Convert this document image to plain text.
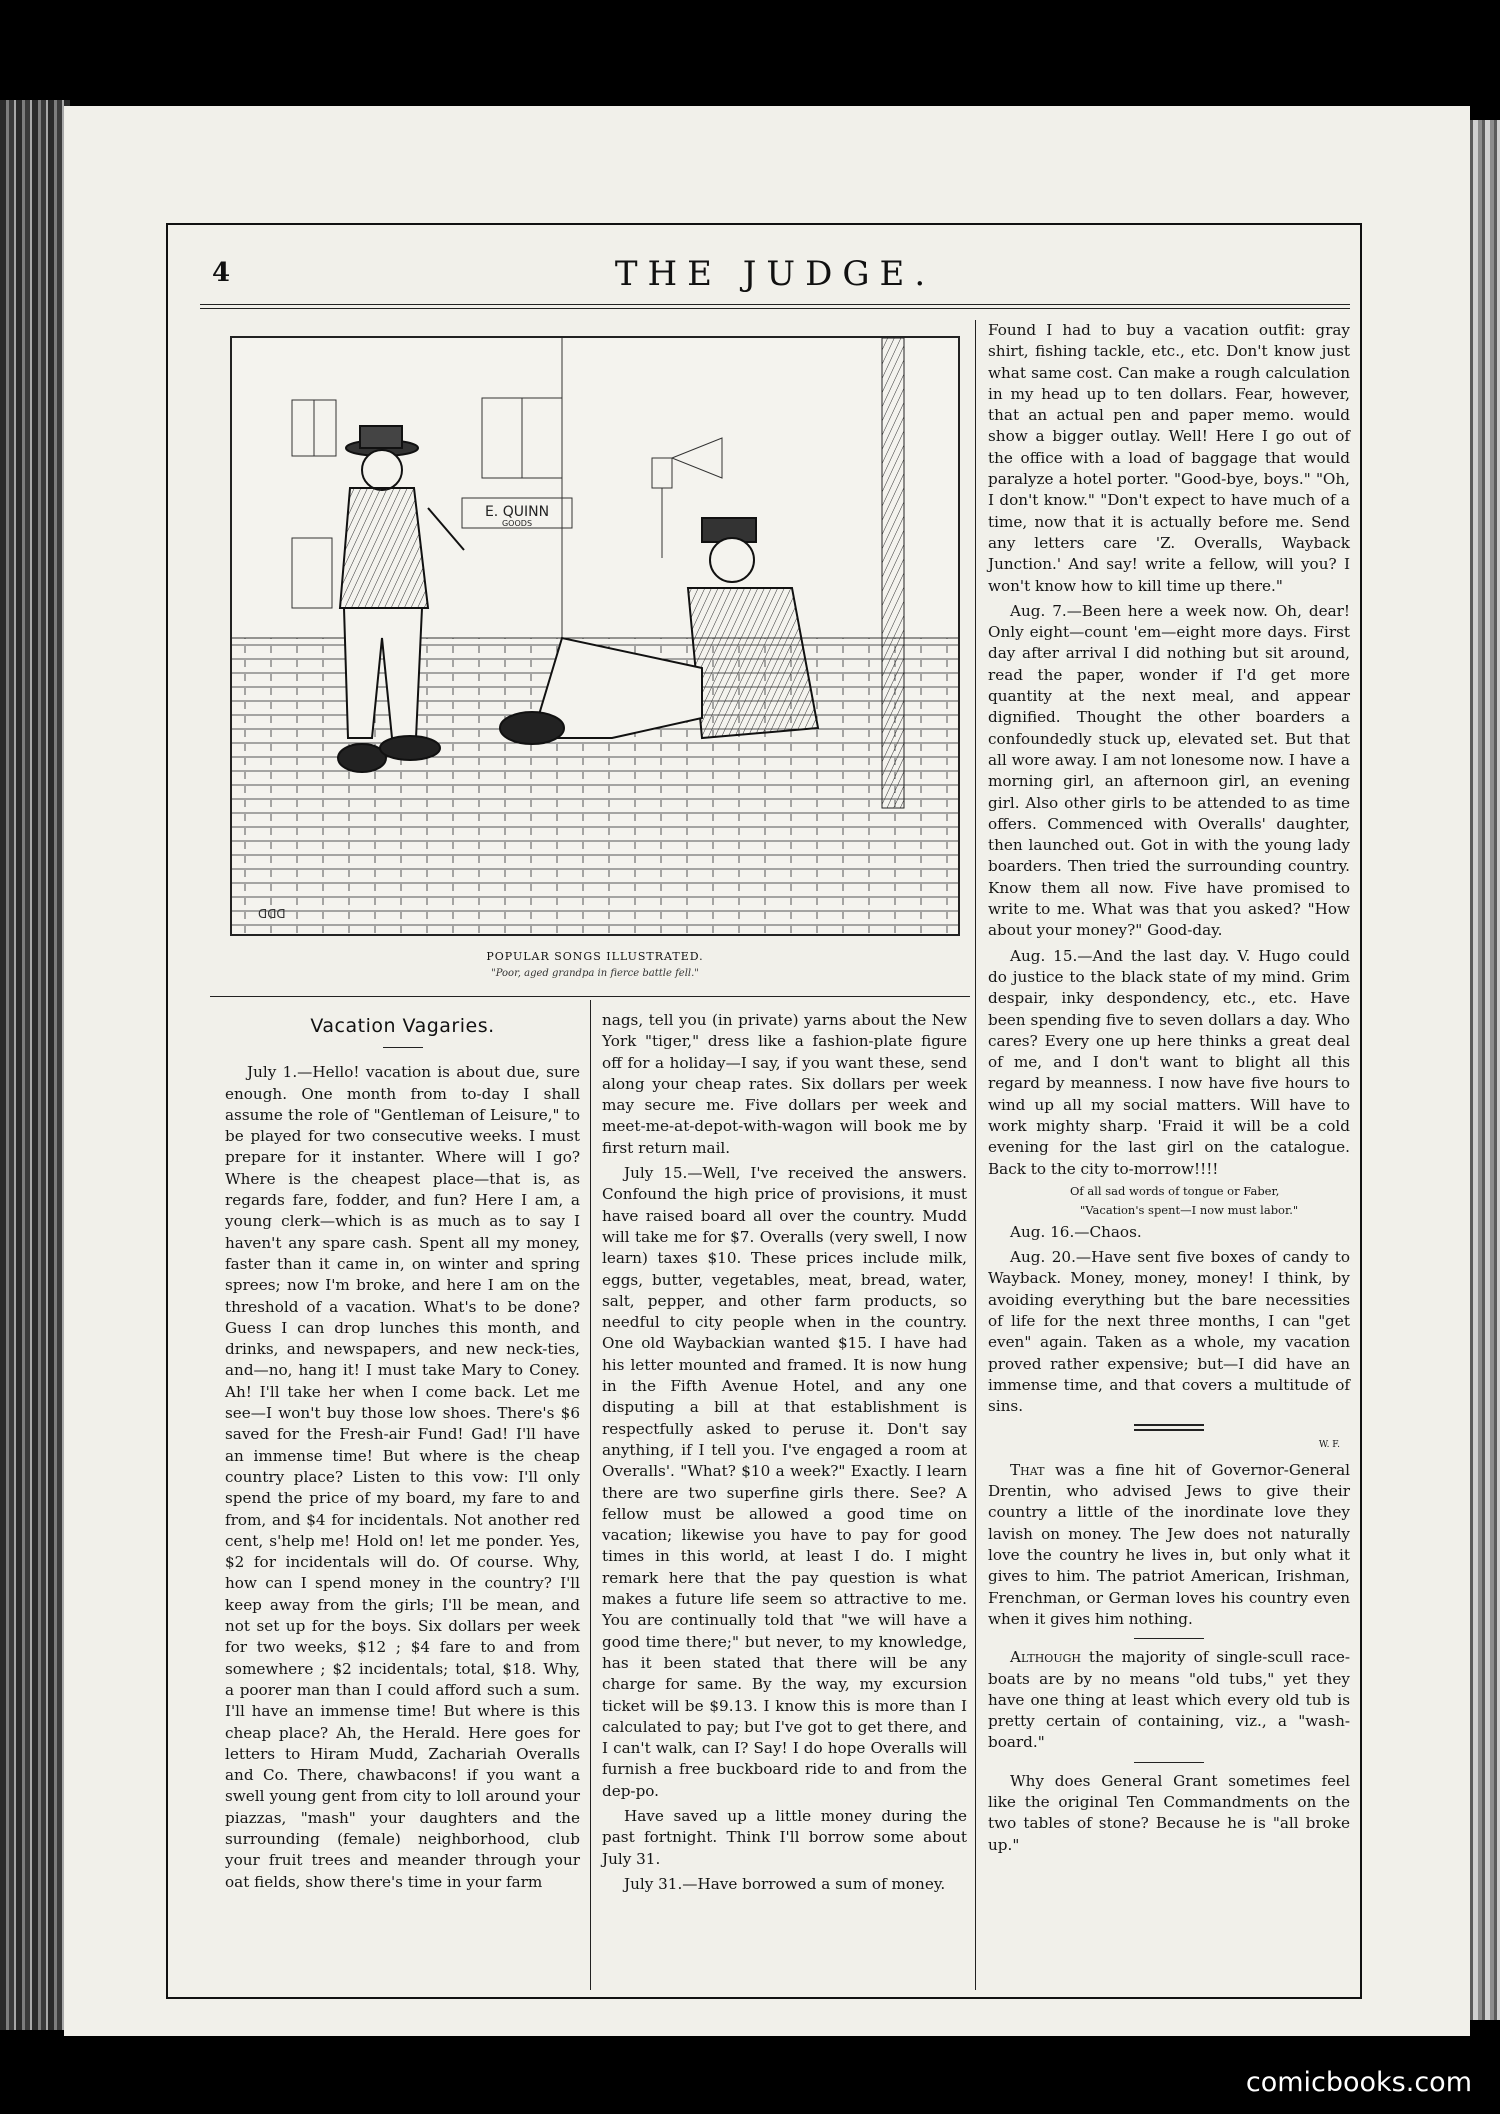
4	THE JUDGE.
E. QUINN
GOODS
ᗡᗡᗡ
POPULAR SONGS ILLUSTRATED.
"Poor, aged grandpa in fierce battle fell."
Vacation Vagaries.

July 1.—Hello! vacation is about due, sure enough. One month from to-day I shall assume the role of "Gentleman of Leisure," to be played for two consecutive weeks. I must prepare for it instanter. Where will I go? Where is the cheapest place—that is, as regards fare, fodder, and fun? Here I am, a young clerk—which is as much as to say I haven't any spare cash. Spent all my money, faster than it came in, on winter and spring sprees; now I'm broke, and here I am on the threshold of a vacation. What's to be done? Guess I can drop lunches this month, and drinks, and newspapers, and new neck-ties, and—no, hang it! I must take Mary to Coney. Ah! I'll take her when I come back. Let me see—I won't buy those low shoes. There's $6 saved for the Fresh-air Fund! Gad! I'll have an immense time! But where is the cheap country place? Listen to this vow: I'll only spend the price of my board, my fare to and from, and $4 for incidentals. Not another red cent, s'help me! Hold on! let me ponder. Yes, $2 for incidentals will do. Of course. Why, how can I spend money in the country? I'll keep away from the girls; I'll be mean, and not set up for the boys. Six dollars per week for two weeks, $12 ; $4 fare to and from somewhere ; $2 incidentals; total, $18. Why, a poorer man than I could afford such a sum. I'll have an immense time! But where is this cheap place? Ah, the Herald. Here goes for letters to Hiram Mudd, Zachariah Overalls and Co. There, chawbacons! if you want a swell young gent from city to loll around your piazzas, "mash" your daughters and the surrounding (female) neighborhood, club your fruit trees and meander through your oat fields, show there's time in your farm

nags, tell you (in private) yarns about the New York "tiger," dress like a fashion-plate figure off for a holiday—I say, if you want these, send along your cheap rates. Six dollars per week may secure me. Five dollars per week and meet-me-at-depot-with-wagon will book me by first return mail.

July 15.—Well, I've received the answers. Confound the high price of provisions, it must have raised board all over the country. Mudd will take me for $7. Overalls (very swell, I now learn) taxes $10. These prices include milk, eggs, butter, vegetables, meat, bread, water, salt, pepper, and other farm products, so needful to city people when in the country. One old Waybackian wanted $15. I have had his letter mounted and framed. It is now hung in the Fifth Avenue Hotel, and any one disputing a bill at that establishment is respectfully asked to peruse it. Don't say anything, if I tell you. I've engaged a room at Overalls'. "What? $10 a week?" Exactly. I learn there are two superfine girls there. See? A fellow must be allowed a good time on vacation; likewise you have to pay for good times in this world, at least I do. I might remark here that the pay question is what makes a future life seem so attractive to me. You are continually told that "we will have a good time there;" but never, to my knowledge, has it been stated that there will be any charge for same. By the way, my excursion ticket will be $9.13. I know this is more than I calculated to pay; but I've got to get there, and I can't walk, can I? Say! I do hope Overalls will furnish a free buckboard ride to and from the dep-po.

Have saved up a little money during the past fortnight. Think I'll borrow some about July 31.

July 31.—Have borrowed a sum of money.

Found I had to buy a vacation outfit: gray shirt, fishing tackle, etc., etc. Don't know just what same cost. Can make a rough calculation in my head up to ten dollars. Fear, however, that an actual pen and paper memo. would show a bigger outlay. Well! Here I go out of the office with a load of baggage that would paralyze a hotel porter. "Good-bye, boys." "Oh, I don't know." "Don't expect to have much of a time, now that it is actually before me. Send any letters care 'Z. Overalls, Wayback Junction.' And say! write a fellow, will you? I won't know how to kill time up there."

Aug. 7.—Been here a week now. Oh, dear! Only eight—count 'em—eight more days. First day after arrival I did nothing but sit around, read the paper, wonder if I'd get more quantity at the next meal, and appear dignified. Thought the other boarders a confoundedly stuck up, elevated set. But that all wore away. I am not lonesome now. I have a morning girl, an afternoon girl, an evening girl. Also other girls to be attended to as time offers. Commenced with Overalls' daughter, then launched out. Got in with the young lady boarders. Then tried the surrounding country. Know them all now. Five have promised to write to me. What was that you asked? "How about your money?" Good-day.

Aug. 15.—And the last day. V. Hugo could do justice to the black state of my mind. Grim despair, inky despondency, etc., etc. Have been spending five to seven dollars a day. Who cares? Every one up here thinks a great deal of me, and I don't want to blight all this regard by meanness. I now have five hours to wind up all my social matters. Will have to work mighty sharp. 'Fraid it will be a cold evening for the last girl on the catalogue. Back to the city to-morrow!!!!

Of all sad words of tongue or Faber,

"Vacation's spent—I now must labor."

Aug. 16.—Chaos.

Aug. 20.—Have sent five boxes of candy to Wayback. Money, money, money! I think, by avoiding everything but the bare necessities of life for the next three months, I can "get even" again. Taken as a whole, my vacation proved rather expensive; but—I did have an immense time, and that covers a multitude of sins.

W. F.

That was a fine hit of Governor-General Drentin, who advised Jews to give their country a little of the inordinate love they lavish on money. The Jew does not naturally love the country he lives in, but only what it gives to him. The patriot American, Irishman, Frenchman, or German loves his country even when it gives him nothing.

Although the majority of single-scull race-boats are by no means "old tubs," yet they have one thing at least which every old tub is pretty certain of containing, viz., a "wash-board."

Why does General Grant sometimes feel like the original Ten Commandments on the two tables of stone? Because he is "all broke up."

comicbooks.com
